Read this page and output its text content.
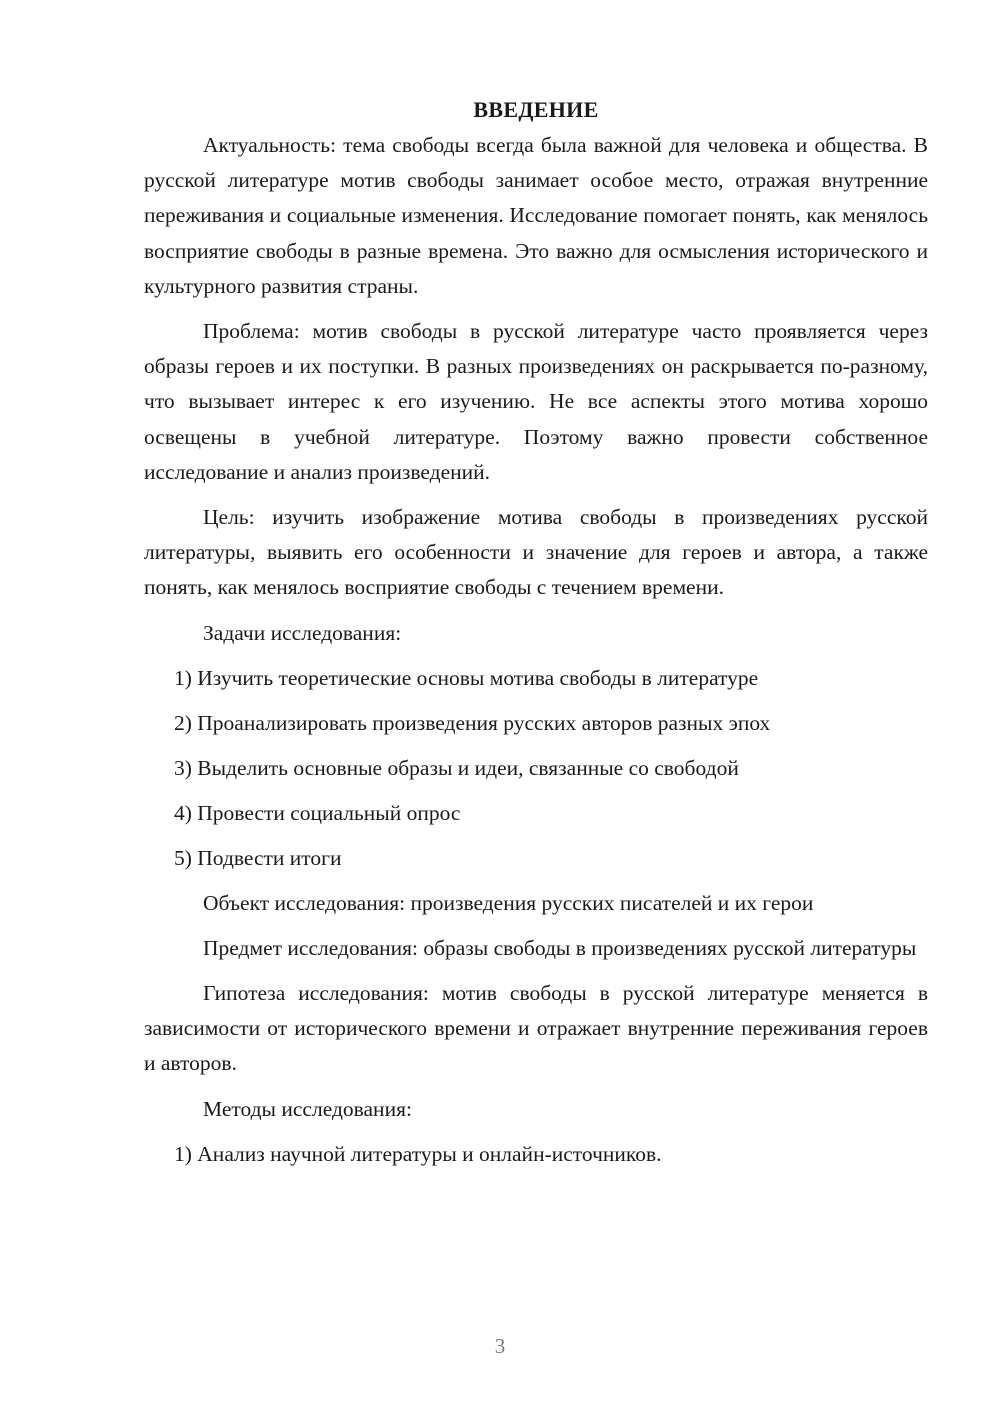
ВВЕДЕНИЕ

Актуальность: тема свободы всегда была важной для человека и общества. В русской литературе мотив свободы занимает особое место, отражая внутренние переживания и социальные изменения. Исследование помогает понять, как менялось восприятие свободы в разные времена. Это важно для осмысления исторического и культурного развития страны.

Проблема: мотив свободы в русской литературе часто проявляется через образы героев и их поступки. В разных произведениях он раскрывается по-разному, что вызывает интерес к его изучению. Не все аспекты этого мотива хорошо освещены в учебной литературе. Поэтому важно провести собственное исследование и анализ произведений.

Цель: изучить изображение мотива свободы в произведениях русской литературы, выявить его особенности и значение для героев и автора, а также понять, как менялось восприятие свободы с течением времени.

Задачи исследования:

1) Изучить теоретические основы мотива свободы в литературе

2) Проанализировать произведения русских авторов разных эпох

3) Выделить основные образы и идеи, связанные со свободой

4) Провести социальный опрос

5) Подвести итоги

Объект исследования: произведения русских писателей и их герои

Предмет исследования: образы свободы в произведениях русской литературы

Гипотеза исследования: мотив свободы в русской литературе меняется в зависимости от исторического времени и отражает внутренние переживания героев и авторов.

Методы исследования:

1) Анализ научной литературы и онлайн-источников.

3
